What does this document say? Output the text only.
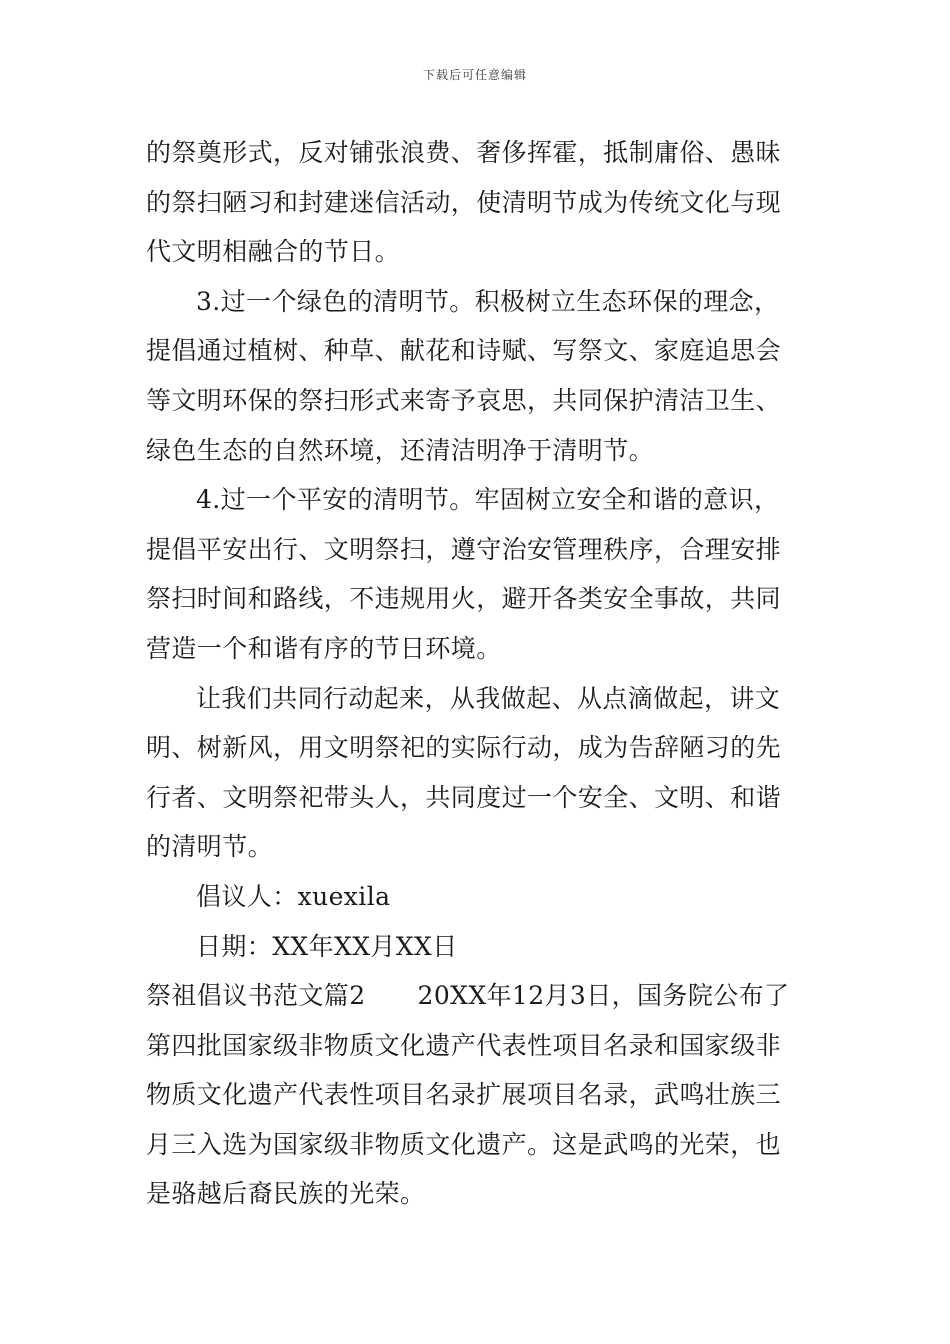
下载后可任意编辑
的祭奠形式，反对铺张浪费、奢侈挥霍，抵制庸俗、愚昧
的祭扫陋习和封建迷信活动，使清明节成为传统文化与现
代文明相融合的节日。
3.过一个绿色的清明节。积极树立生态环保的理念，
提倡通过植树、种草、献花和诗赋、写祭文、家庭追思会
等文明环保的祭扫形式来寄予哀思，共同保护清洁卫生、
绿色生态的自然环境，还清洁明净于清明节。
4.过一个平安的清明节。牢固树立安全和谐的意识，
提倡平安出行、文明祭扫，遵守治安管理秩序，合理安排
祭扫时间和路线，不违规用火，避开各类安全事故，共同
营造一个和谐有序的节日环境。
让我们共同行动起来，从我做起、从点滴做起，讲文
明、树新风，用文明祭祀的实际行动，成为告辞陋习的先
行者、文明祭祀带头人，共同度过一个安全、文明、和谐
的清明节。
倡议人：xuexila
日期：XX年XX月XX日
祭祖倡议书范文篇2 20XX年12月3日，国务院公布了
第四批国家级非物质文化遗产代表性项目名录和国家级非
物质文化遗产代表性项目名录扩展项目名录，武鸣壮族三
月三入选为国家级非物质文化遗产。这是武鸣的光荣，也
是骆越后裔民族的光荣。
